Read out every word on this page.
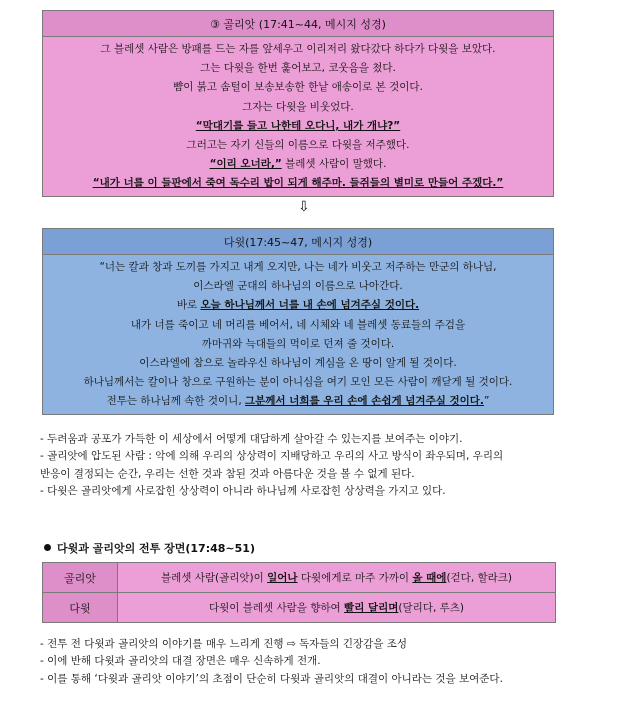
③ 골리앗 (17:41~44, 메시지 성경)
그 블레셋 사람은 방패를 드는 자를 앞세우고 이리저리 왔다갔다 하다가 다윗을 보았다.
그는 다윗을 한번 훑어보고, 코웃음을 쳤다.
뺨이 붉고 솜털이 보송보송한 한낱 애송이로 본 것이다.
그자는 다윗을 비웃었다.
“막대기를 들고 나한테 오다니, 내가 개냐?”
그러고는 자기 신들의 이름으로 다윗을 저주했다.
“이리 오너라,” 블레셋 사람이 말했다.
“내가 너를 이 들판에서 죽여 독수리 밥이 되게 해주마. 들쥐들의 별미로 만들어 주겠다.”
⇩
다윗(17:45~47, 메시지 성경)
“너는 칼과 창과 도끼를 가지고 내게 오지만, 나는 네가 비웃고 저주하는 만군의 하나님,
이스라엘 군대의 하나님의 이름으로 나아간다.
바로 오늘 하나님께서 너를 내 손에 넘겨주실 것이다.
내가 너를 죽이고 네 머리를 베어서, 네 시체와 네 블레셋 동료들의 주검을
까마귀와 늑대들의 먹이로 던져 줄 것이다.
이스라엘에 참으로 놀라우신 하나님이 계심을 온 땅이 알게 될 것이다.
하나님께서는 칼이나 창으로 구원하는 분이 아니심을 여기 모인 모든 사람이 깨닫게 될 것이다.
전투는 하나님께 속한 것이니, 그분께서 너희를 우리 손에 손쉽게 넘겨주실 것이다.”
- 두려움과 공포가 가득한 이 세상에서 어떻게 대담하게 살아갈 수 있는지를 보여주는 이야기.
- 골리앗에 압도된 사람 : 악에 의해 우리의 상상력이 지배당하고 우리의 사고 방식이 좌우되며, 우리의
반응이 결정되는 순간, 우리는 선한 것과 참된 것과 아름다운 것을 볼 수 없게 된다.
- 다윗은 골리앗에게 사로잡힌 상상력이 아니라 하나님께 사로잡힌 상상력을 가지고 있다.
다윗과 골리앗의 전투 장면(17:48~51)
골리앗	블레셋 사람(골리앗)이 일어나 다윗에게로 마주 가까이 올 때에(걷다, 할라크)
다윗	다윗이 블레셋 사람을 향하여 빨리 달리며(달리다, 루츠)
- 전투 전 다윗과 골리앗의 이야기를 매우 느리게 진행 ⇨ 독자들의 긴장감을 조성
- 이에 반해 다윗과 골리앗의 대결 장면은 매우 신속하게 전개.
- 이를 통해 ‘다윗과 골리앗 이야기’의 초점이 단순히 다윗과 골리앗의 대결이 아니라는 것을 보여준다.
